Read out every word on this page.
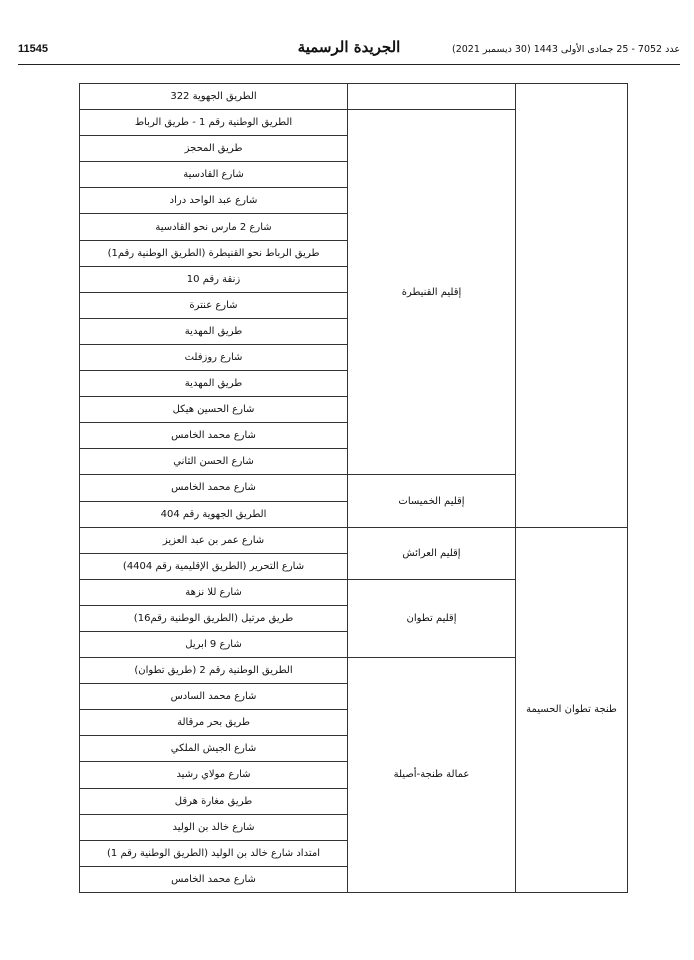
11545	الجريدة الرسمية	عدد 7052 - 25 جمادى الأولى 1443 (30 ديسمبر 2021)
		الطريق الجهوية 322
	إقليم القنيطرة	الطريق الوطنية رقم 1 - طريق الرباط
		طريق المحجز
		شارع القادسية
		شارع عبد الواحد دراد
		شارع 2 مارس نحو القادسية
		طريق الرباط نحو القنيطرة (الطريق الوطنية رقم1)
		زنقة رقم 10
		شارع عنترة
		طريق المهدية
		شارع روزفلت
		طريق المهدية
		شارع الحسين هيكل
		شارع محمد الخامس
		شارع الحسن الثاني
	إقليم الخميسات	شارع محمد الخامس
		الطريق الجهوية رقم 404
طنجة تطوان الحسيمة	إقليم العرائش	شارع عمر بن عبد العزيز
		شارع التحرير (الطريق الإقليمية رقم 4404)
	إقليم تطوان	شارع للا نزهة
		طريق مرتيل (الطريق الوطنية رقم16)
		شارع 9 ابريل
	عمالة طنجة-أصيلة	الطريق الوطنية رقم 2 (طريق تطوان)
		شارع محمد السادس
		طريق بحر مرقالة
		شارع الجيش الملكي
		شارع مولاي رشيد
		طريق مغارة هرقل
		شارع خالد بن الوليد
		امتداد شارع خالد بن الوليد (الطريق الوطنية رقم 1)
		شارع محمد الخامس
